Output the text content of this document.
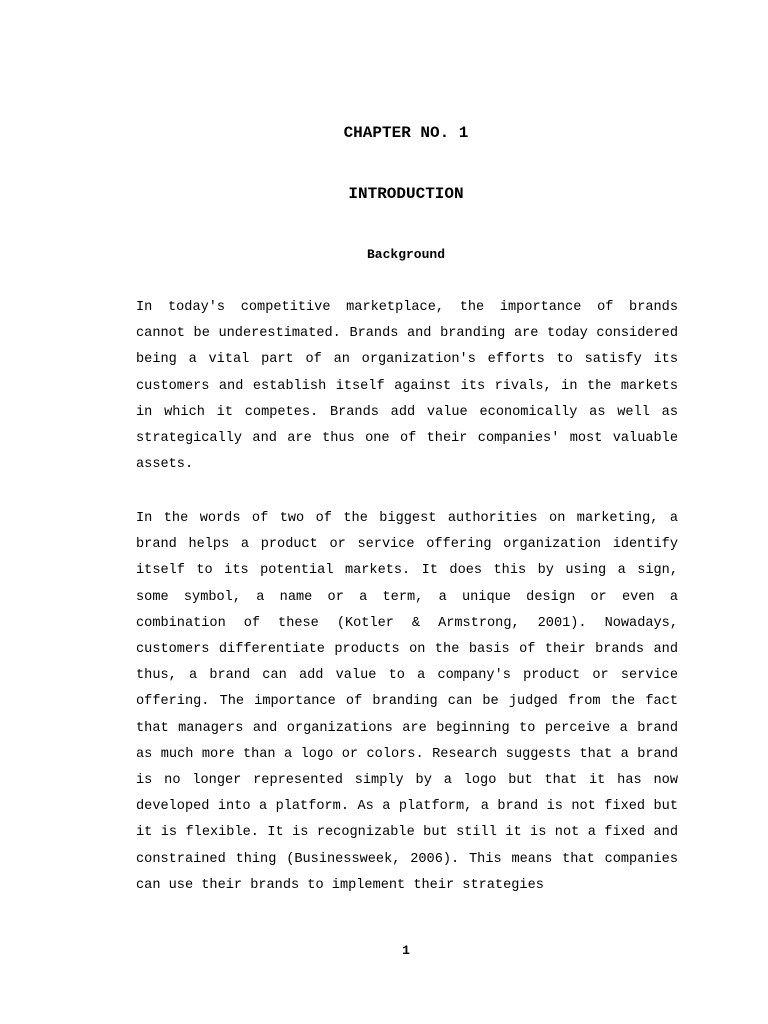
CHAPTER NO. 1
INTRODUCTION
Background

In today's competitive marketplace, the importance of brands cannot be underestimated. Brands and branding are today considered being a vital part of an organization's efforts to satisfy its customers and establish itself against its rivals, in the markets in which it competes. Brands add value economically as well as strategically and are thus one of their companies' most valuable assets.

In the words of two of the biggest authorities on marketing, a brand helps a product or service offering organization identify itself to its potential markets. It does this by using a sign, some symbol, a name or a term, a unique design or even a combination of these (Kotler & Armstrong, 2001). Nowadays, customers differentiate products on the basis of their brands and thus, a brand can add value to a company's product or service offering. The importance of branding can be judged from the fact that managers and organizations are beginning to perceive a brand as much more than a logo or colors. Research suggests that a brand is no longer represented simply by a logo but that it has now developed into a platform. As a platform, a brand is not fixed but it is flexible. It is recognizable but still it is not a fixed and constrained thing (Businessweek, 2006). This means that companies can use their brands to implement their strategies

1
